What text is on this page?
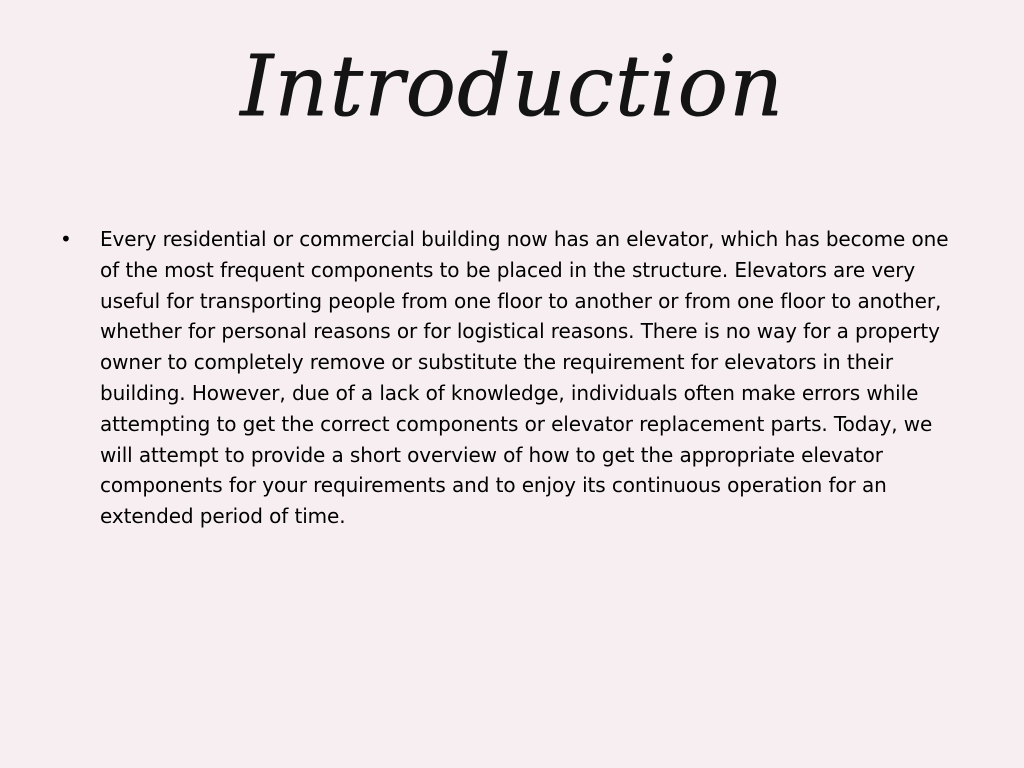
Introduction
•	Every residential or commercial building now has an elevator, which has become one of the most frequent components to be placed in the structure. Elevators are very useful for transporting people from one floor to another or from one floor to another, whether for personal reasons or for logistical reasons. There is no way for a property owner to completely remove or substitute the requirement for elevators in their building. However, due of a lack of knowledge, individuals often make errors while attempting to get the correct components or elevator replacement parts. Today, we will attempt to provide a short overview of how to get the appropriate elevator components for your requirements and to enjoy its continuous operation for an extended period of time.
